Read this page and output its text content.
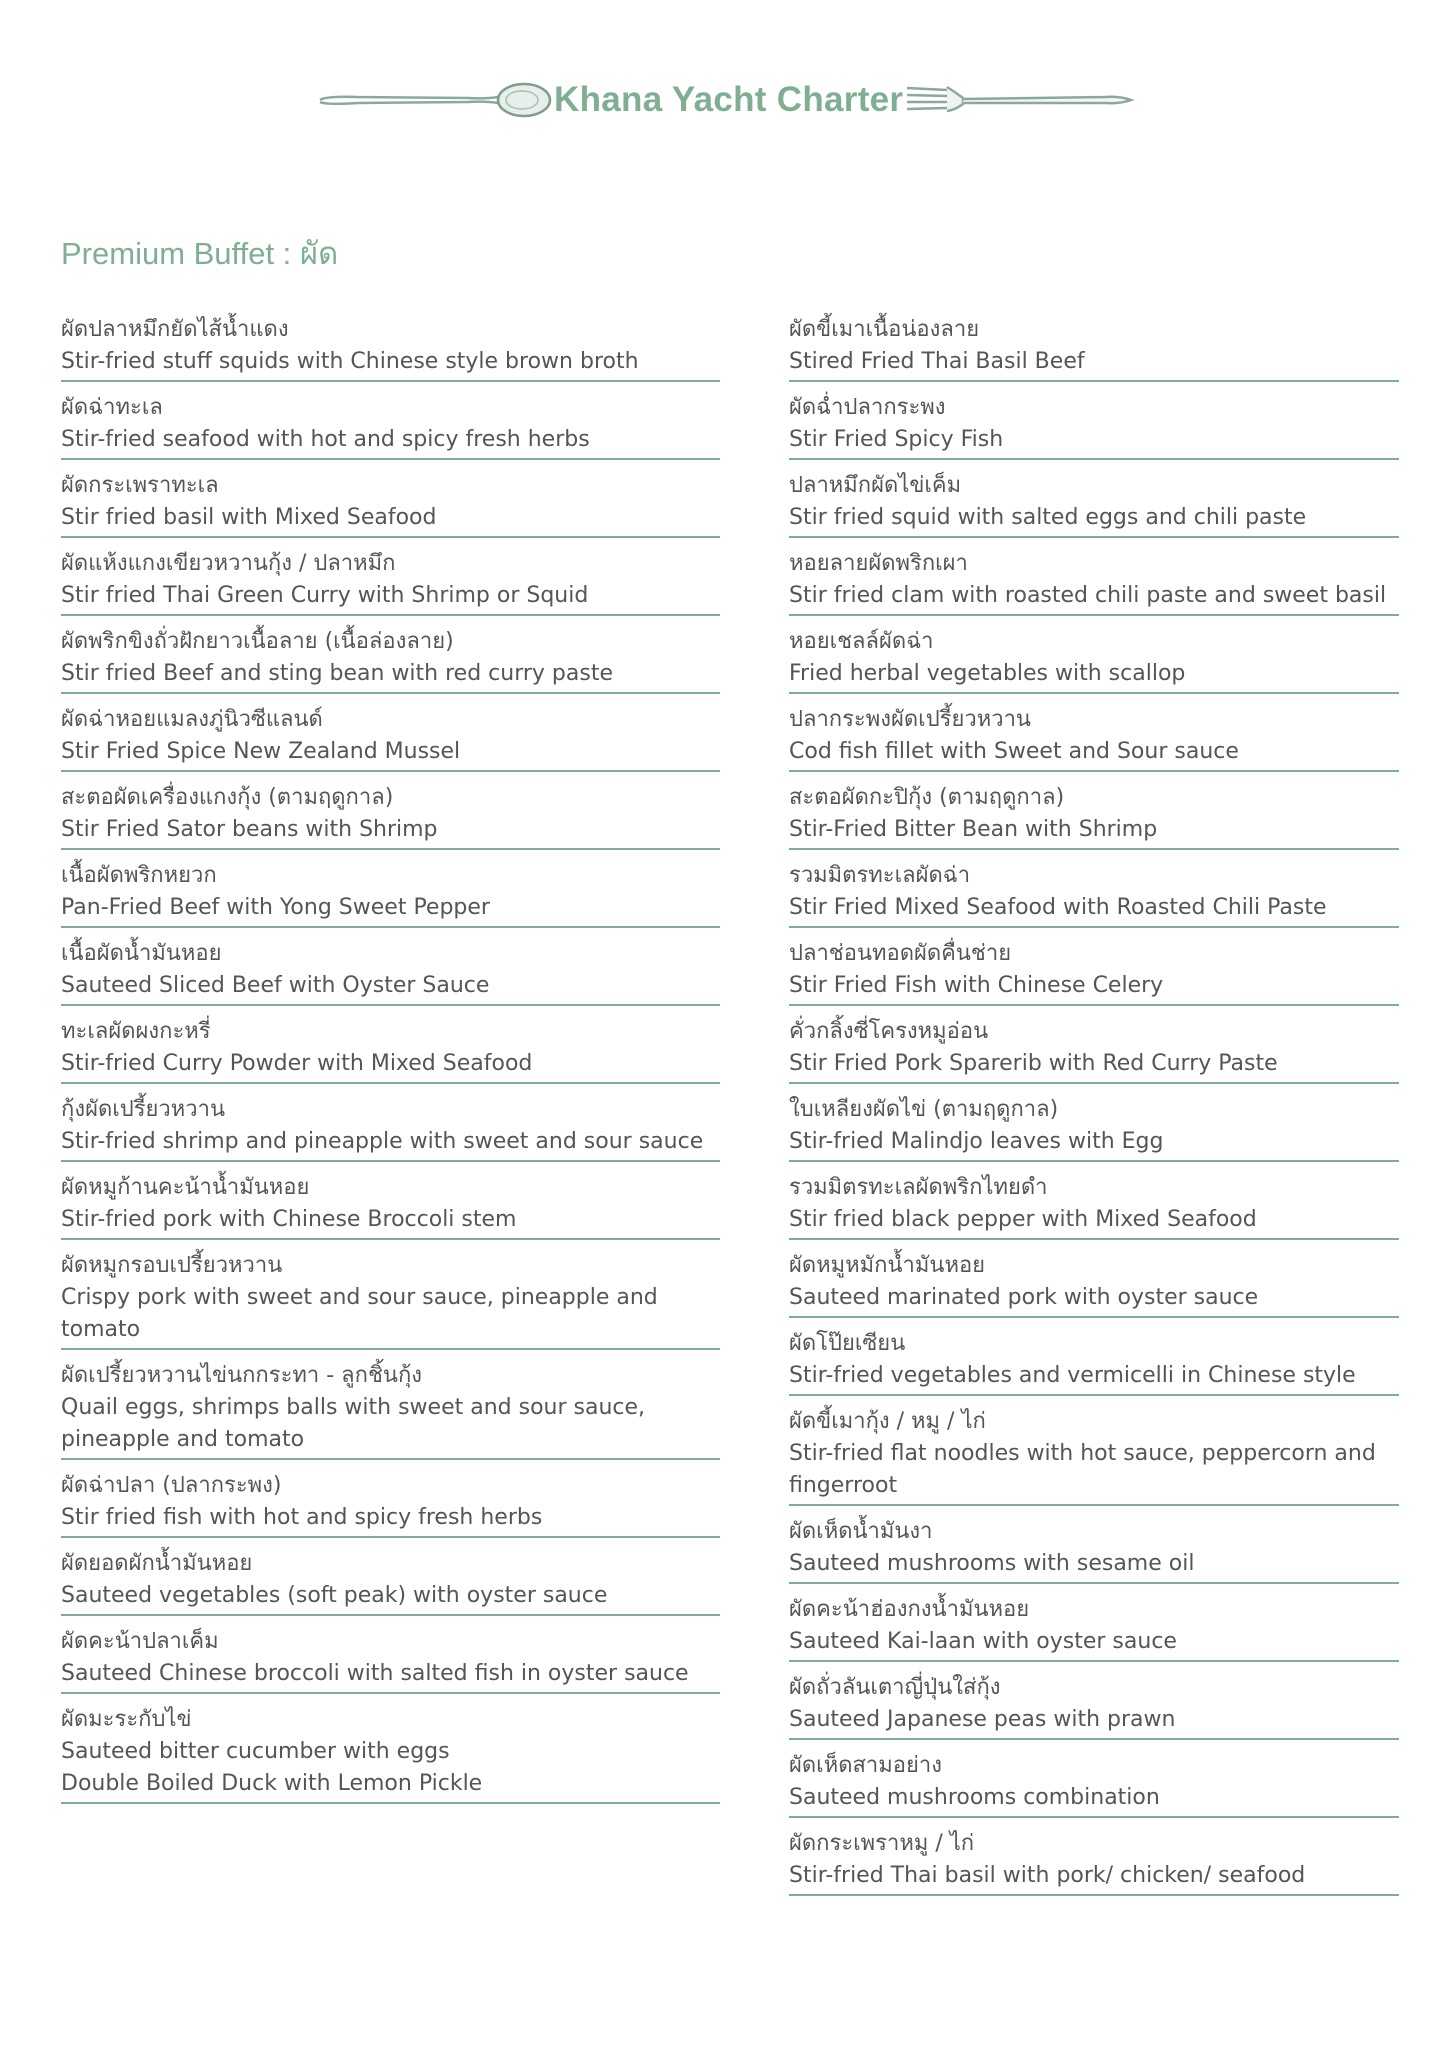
Khana Yacht Charter
Premium Buffet : ผัด
ผัดปลาหมึกยัดไส้น้ำแดง
Stir-fried stuff squids with Chinese style brown broth
ผัดฉ่าทะเล
Stir-fried seafood with hot and spicy fresh herbs
ผัดกระเพราทะเล
Stir fried basil with Mixed Seafood
ผัดแห้งแกงเขียวหวานกุ้ง / ปลาหมึก
Stir fried Thai Green Curry with Shrimp or Squid
ผัดพริกขิงถั่วฝักยาวเนื้อลาย (เนื้อล่องลาย)
Stir fried Beef and sting bean with red curry paste
ผัดฉ่าหอยแมลงภู่นิวซีแลนด์
Stir Fried Spice New Zealand Mussel
สะตอผัดเครื่องแกงกุ้ง (ตามฤดูกาล)
Stir Fried Sator beans with Shrimp
เนื้อผัดพริกหยวก
Pan-Fried Beef with Yong Sweet Pepper
เนื้อผัดน้ำมันหอย
Sauteed Sliced Beef with Oyster Sauce
ทะเลผัดผงกะหรี่
Stir-fried Curry Powder with Mixed Seafood
กุ้งผัดเปรี้ยวหวาน
Stir-fried shrimp and pineapple with sweet and sour sauce
ผัดหมูก้านคะน้าน้ำมันหอย
Stir-fried pork with Chinese Broccoli stem
ผัดหมูกรอบเปรี้ยวหวาน
Crispy pork with sweet and sour sauce, pineapple and tomato
ผัดเปรี้ยวหวานไข่นกกระทา - ลูกชิ้นกุ้ง
Quail eggs, shrimps balls with sweet and sour sauce, pineapple and tomato
ผัดฉ่าปลา (ปลากระพง)
Stir fried fish with hot and spicy fresh herbs
ผัดยอดผักน้ำมันหอย
Sauteed vegetables (soft peak) with oyster sauce
ผัดคะน้าปลาเค็ม
Sauteed Chinese broccoli with salted fish in oyster sauce
ผัดมะระกับไข่
Sauteed bitter cucumber with eggs
Double Boiled Duck with Lemon Pickle
ผัดขี้เมาเนื้อน่องลาย
Stired Fried Thai Basil Beef
ผัดฉ่ำปลากระพง
Stir Fried Spicy Fish
ปลาหมึกผัดไข่เค็ม
Stir fried squid with salted eggs and chili paste
หอยลายผัดพริกเผา
Stir fried clam with roasted chili paste and sweet basil
หอยเชลล์ผัดฉ่า
Fried herbal vegetables with scallop
ปลากระพงผัดเปรี้ยวหวาน
Cod fish fillet with Sweet and Sour sauce
สะตอผัดกะปิกุ้ง (ตามฤดูกาล)
Stir-Fried Bitter Bean with Shrimp
รวมมิตรทะเลผัดฉ่า
Stir Fried Mixed Seafood with Roasted Chili Paste
ปลาช่อนทอดผัดคื่นช่าย
Stir Fried Fish with Chinese Celery
คั่วกลิ้งซี่โครงหมูอ่อน
Stir Fried Pork Sparerib with Red Curry Paste
ใบเหลียงผัดไข่ (ตามฤดูกาล)
Stir-fried Malindjo leaves with Egg
รวมมิตรทะเลผัดพริกไทยดำ
Stir fried black pepper with Mixed Seafood
ผัดหมูหมักน้ำมันหอย
Sauteed marinated pork with oyster sauce
ผัดโป๊ยเซียน
Stir-fried vegetables and vermicelli in Chinese style
ผัดขี้เมากุ้ง / หมู / ไก่
Stir-fried flat noodles with hot sauce, peppercorn and fingerroot
ผัดเห็ดน้ำมันงา
Sauteed mushrooms with sesame oil
ผัดคะน้าฮ่องกงน้ำมันหอย
Sauteed Kai-laan with oyster sauce
ผัดถั่วลันเตาญี่ปุ่นใส่กุ้ง
Sauteed Japanese peas with prawn
ผัดเห็ดสามอย่าง
Sauteed mushrooms combination
ผัดกระเพราหมู / ไก่
Stir-fried Thai basil with pork/ chicken/ seafood
